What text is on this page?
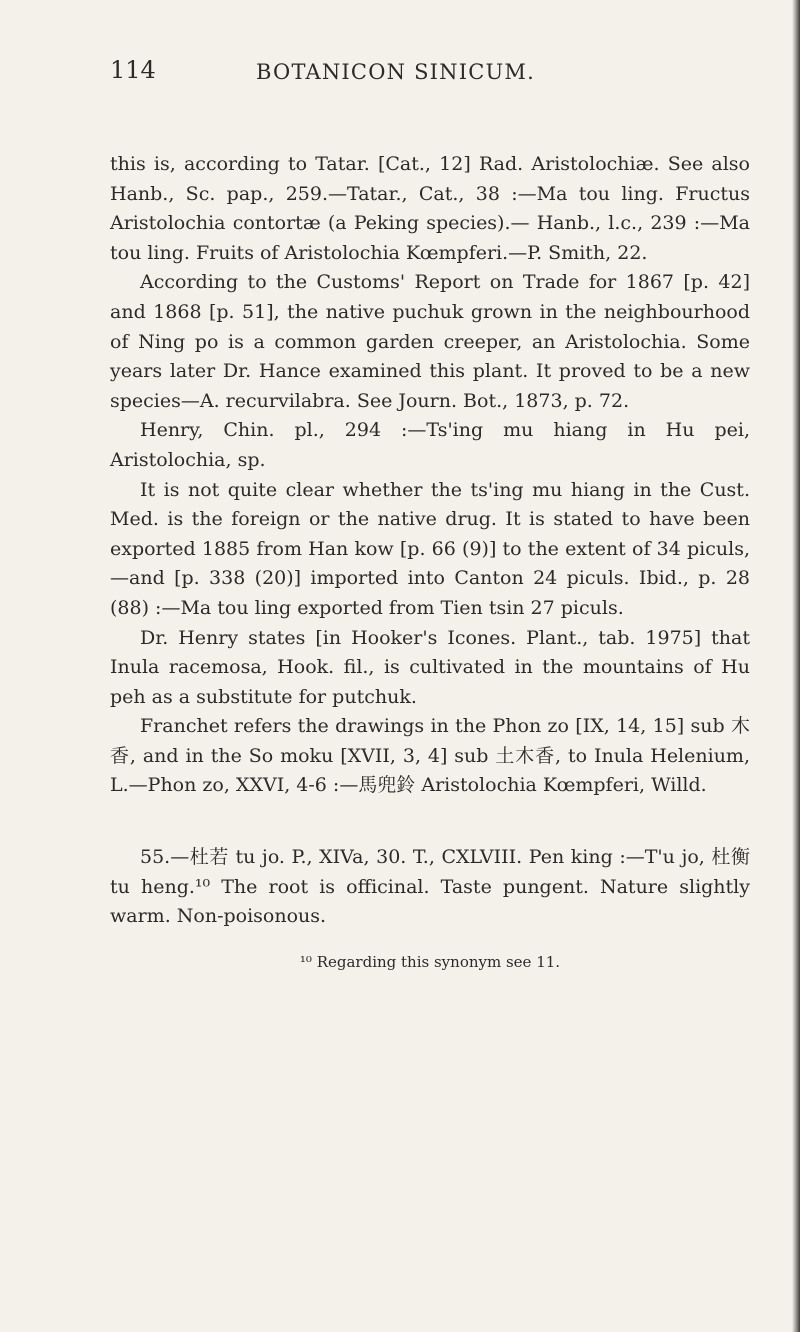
114	BOTANICON SINICUM.

this is, according to Tatar. [Cat., 12] Rad. Aristolochiæ. See also Hanb., Sc. pap., 259.—Tatar., Cat., 38 :—Ma tou ling. Fructus Aristolochia contortæ (a Peking species).— Hanb., l.c., 239 :—Ma tou ling. Fruits of Aristolochia Kœmpferi.—P. Smith, 22.

According to the Customs' Report on Trade for 1867 [p. 42] and 1868 [p. 51], the native puchuk grown in the neighbourhood of Ning po is a common garden creeper, an Aristolochia. Some years later Dr. Hance examined this plant. It proved to be a new species—A. recurvilabra. See Journ. Bot., 1873, p. 72.

Henry, Chin. pl., 294 :—Ts'ing mu hiang in Hu pei, Aristolochia, sp.

It is not quite clear whether the ts'ing mu hiang in the Cust. Med. is the foreign or the native drug. It is stated to have been exported 1885 from Han kow [p. 66 (9)] to the extent of 34 piculs,—and [p. 338 (20)] imported into Canton 24 piculs. Ibid., p. 28 (88) :—Ma tou ling exported from Tien tsin 27 piculs.

Dr. Henry states [in Hooker's Icones. Plant., tab. 1975] that Inula racemosa, Hook. fil., is cultivated in the mountains of Hu peh as a substitute for putchuk.

Franchet refers the drawings in the Phon zo [IX, 14, 15] sub 木香, and in the So moku [XVII, 3, 4] sub 土木香, to Inula Helenium, L.—Phon zo, XXVI, 4-6 :—馬兜鈴 Aristolochia Kœmpferi, Willd.

55.—杜若 tu jo. P., XIVa, 30. T., CXLVIII. Pen king :—T'u jo, 杜衡 tu heng.¹⁰ The root is officinal. Taste pungent. Nature slightly warm. Non-poisonous.

¹⁰ Regarding this synonym see 11.
